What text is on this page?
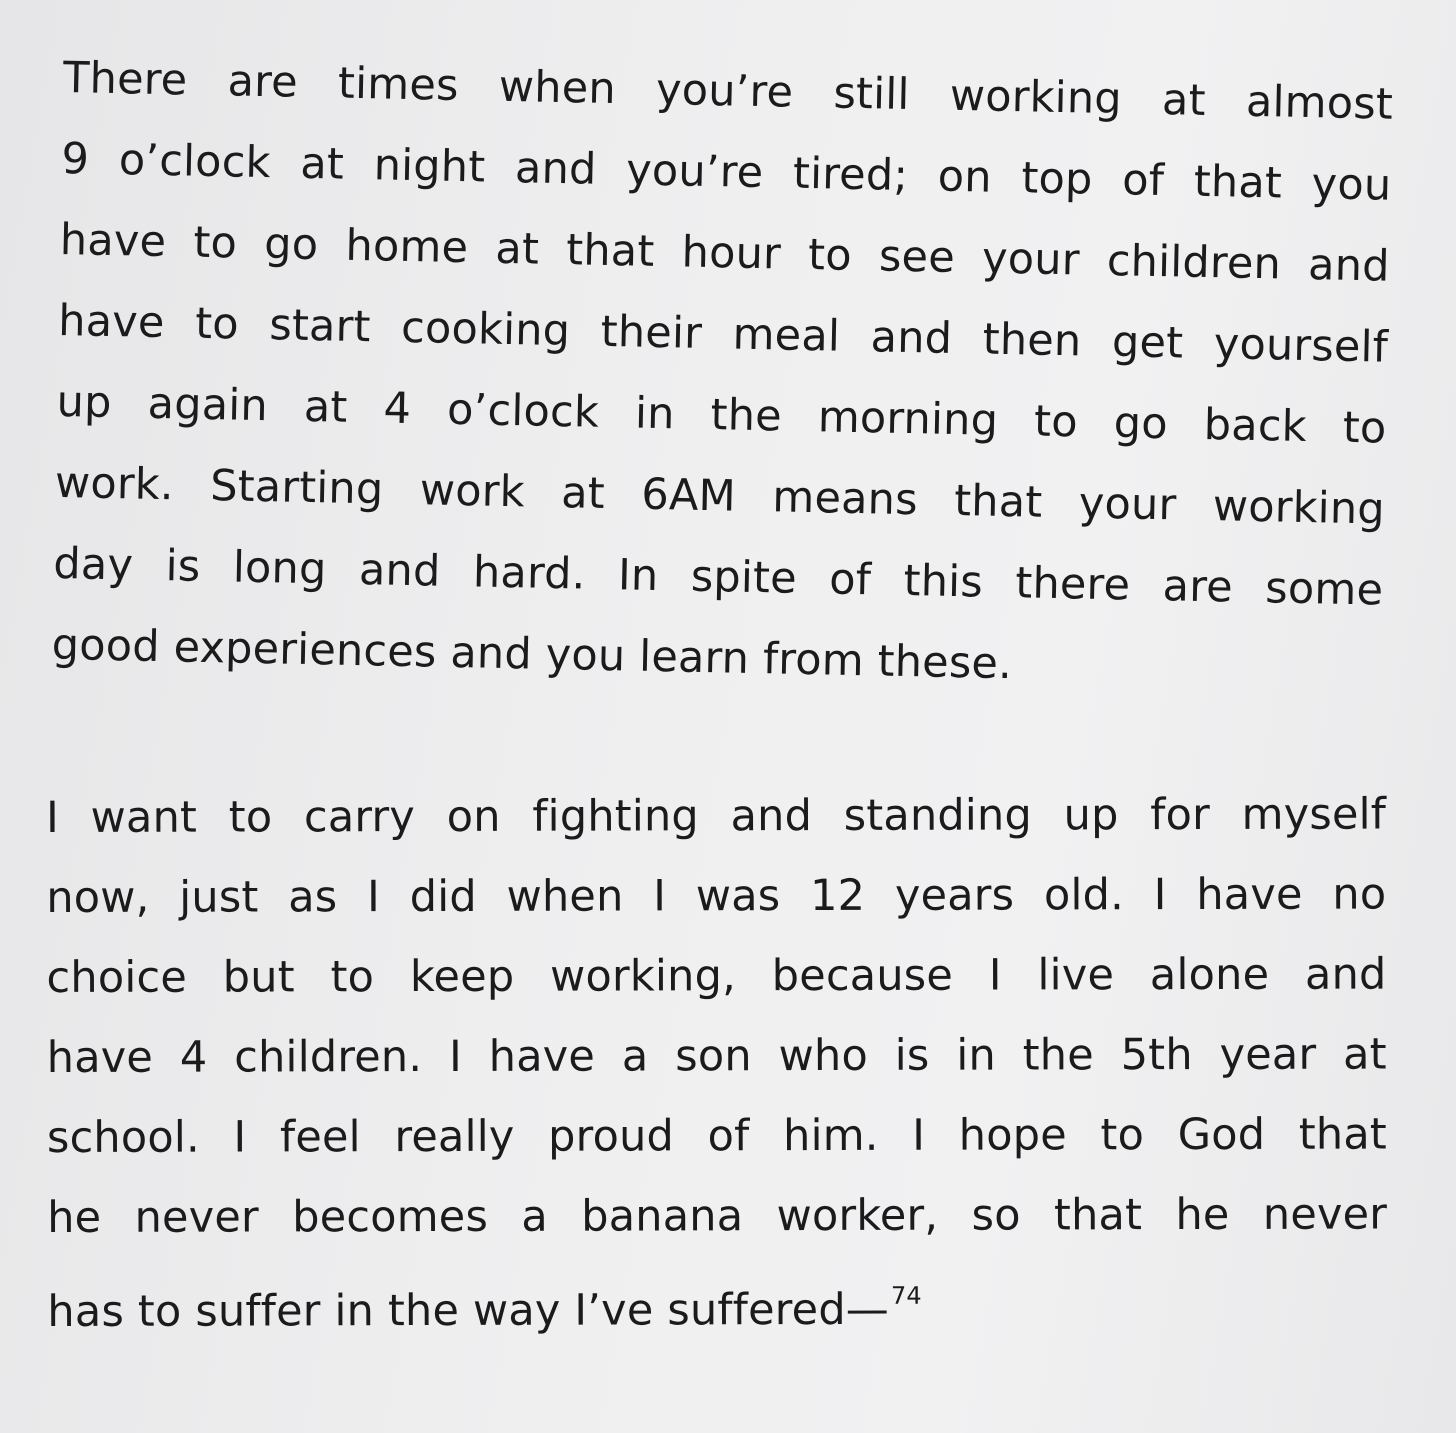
There are times when you’re still working at almost
9 o’clock at night and you’re tired; on top of that you
have to go home at that hour to see your children and
have to start cooking their meal and then get yourself
up again at 4 o’clock in the morning to go back to
work. Starting work at 6AM means that your working
day is long and hard. In spite of this there are some
good experiences and you learn from these.
I want to carry on fighting and standing up for myself
now, just as I did when I was 12 years old. I have no
choice but to keep working, because I live alone and
have 4 children. I have a son who is in the 5th year at
school. I feel really proud of him. I hope to God that
he never becomes a banana worker, so that he never
has to suffer in the way I’ve suffered—$^{74}$
